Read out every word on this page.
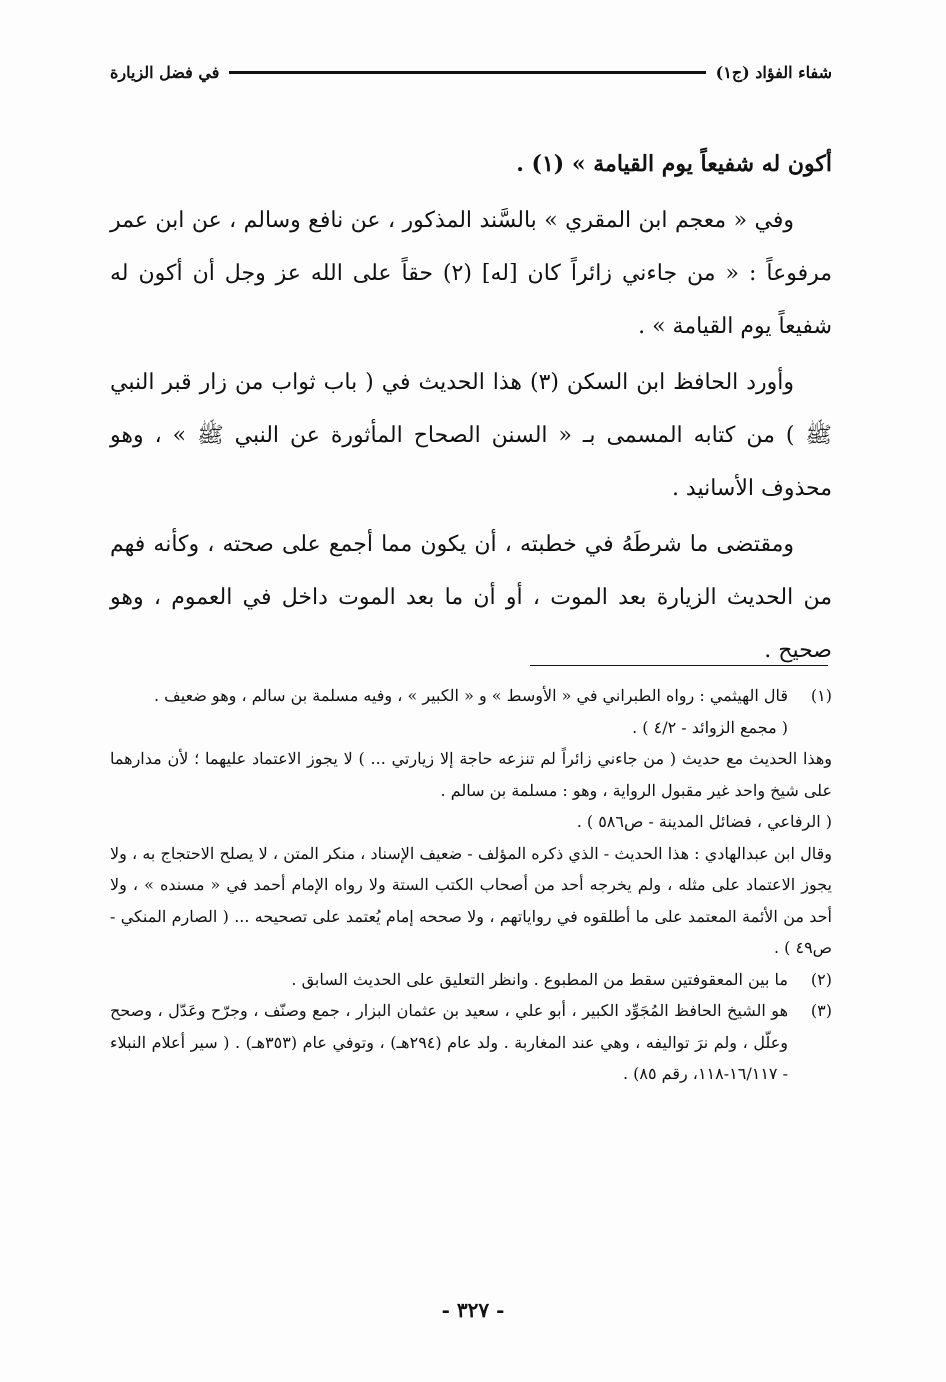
شفاء الفؤاد (ج١)
في فضل الزيارة

أكون له شفيعاً يوم القيامة » (١) .

وفي « معجم ابن المقري » بالسَّند المذكور ، عن نافع وسالم ، عن ابن عمر مرفوعاً : « من جاءني زائراً كان [له] (٢) حقاً على الله عز وجل أن أكون له شفيعاً يوم القيامة » .

وأورد الحافظ ابن السكن (٣) هذا الحديث في ( باب ثواب من زار قبر النبي ﷺ ) من كتابه المسمى بـ « السنن الصحاح المأثورة عن النبي ﷺ » ، وهو محذوف الأسانيد .

ومقتضى ما شرطَهُ في خطبته ، أن يكون مما أجمع على صحته ، وكأنه فهم من الحديث الزيارة بعد الموت ، أو أن ما بعد الموت داخل في العموم ، وهو صحيح .

(١)
قال الهيثمي : رواه الطبراني في « الأوسط » و « الكبير » ، وفيه مسلمة بن سالم ، وهو ضعيف .
( مجمع الزوائد - ٤/٢ ) .
وهذا الحديث مع حديث ( من جاءني زائراً لم تنزعه حاجة إلا زيارتي ... ) لا يجوز الاعتماد عليهما ؛ لأن مدارهما على شيخ واحد غير مقبول الرواية ، وهو : مسلمة بن سالم .
( الرفاعي ، فضائل المدينة - ص٥٨٦ ) .
وقال ابن عبدالهادي : هذا الحديث - الذي ذكره المؤلف - ضعيف الإسناد ، منكر المتن ، لا يصلح الاحتجاج به ، ولا يجوز الاعتماد على مثله ، ولم يخرجه أحد من أصحاب الكتب الستة ولا رواه الإمام أحمد في « مسنده » ، ولا أحد من الأئمة المعتمد على ما أطلقوه في رواياتهم ، ولا صححه إمام يُعتمد على تصحيحه ... ( الصارم المنكي - ص٤٩ ) .
(٢)
ما بين المعقوفتين سقط من المطبوع . وانظر التعليق على الحديث السابق .
(٣)
هو الشيخ الحافظ المُجَوِّد الكبير ، أبو علي ، سعيد بن عثمان البزار ، جمع وصنّف ، وجرّح وعَدّل ، وصحح وعلّل ، ولم نرَ تواليفه ، وهي عند المغاربة . ولد عام (٢٩٤هـ) ، وتوفي عام (٣٥٣هـ) . ( سير أعلام النبلاء - ١٦/١١٧-١١٨، رقم ٨٥) .
- ٣٢٧ -
